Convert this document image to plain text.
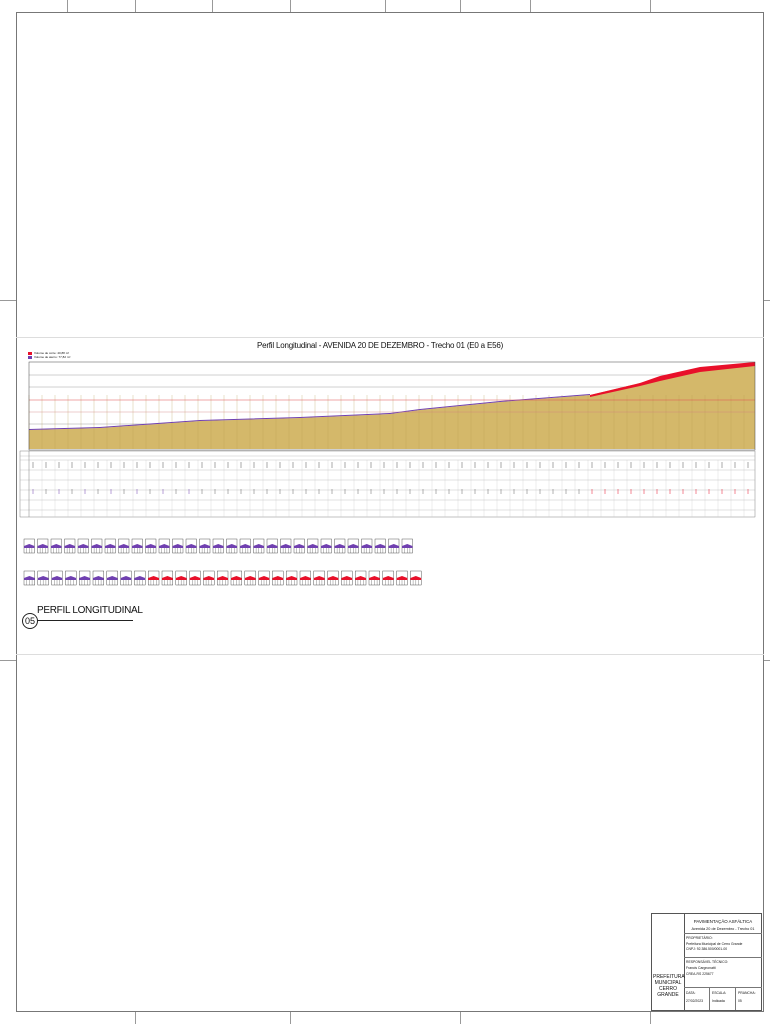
Perfil Longitudinal - AVENIDA 20 DE DEZEMBRO - Trecho 01 (E0 a E56)
Volume de corte: 40,88 m³
Volume de aterro: 77,82 m³
05
PERFIL LONGITUDINAL
PREFEITURA
MUNICIPAL
CERRO GRANDE
PAVIMENTAÇÃO ASFÁLTICA
Avenida 20 de Dezembro - Trecho 01
PROPRIETÁRIO:
Prefeitura Municipal de Cerro Grande
CNPJ: 92.386.500/0001-00
RESPONSÁVEL TÉCNICO:
Francis Cargnonatti
CREA-RS 225677
DATA:
27/02/2023
ESCALA:
Indicada
PRANCHA:
05
